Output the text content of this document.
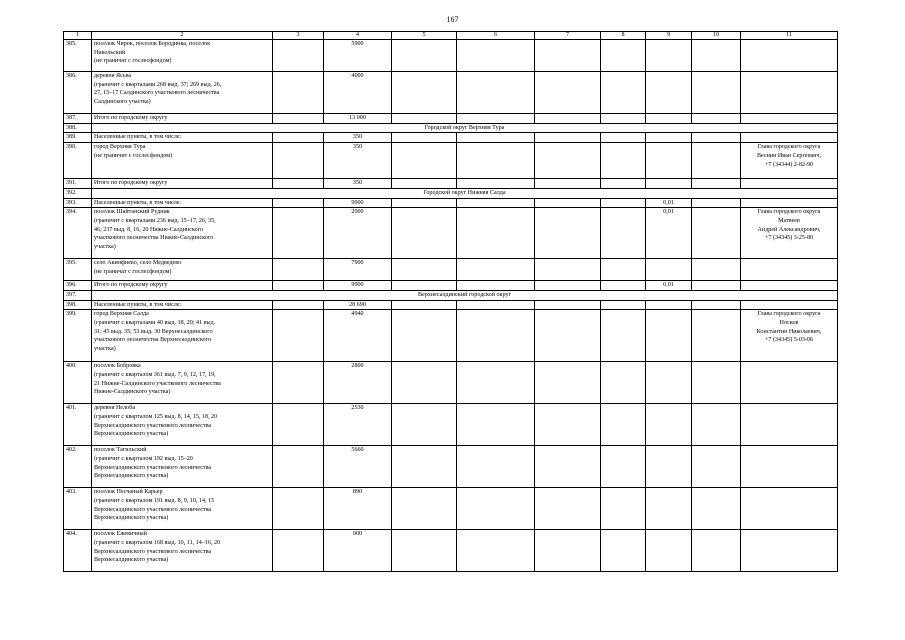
167
1	2	3	4	5	6	7	8	9	10	11
385.	поселок Чирок, поселок Бородинка, поселок
Никольский
(не граничат с гослесфондом)		5900							
386.	деревня Ясьва
(граничит с кварталами 268 выд. 37; 269 выд. 26,
27, 15–17 Салдинского участкового лесничества
Салдинского участка)		4000							
387.	Итого по городскому округу		13 000							
388.	Городской округ Верхняя Тура									
389.	Населенные пункты, в том числе:		350							
390.	город Верхняя Тура
(не граничит с гослесфондом)		350							Глава городского округа
Веснин Иван Сергеевич,
+7 (34344) 2-82-90
391.	Итого по городскому округу		350							
392.	Городской округ Нижняя Салда									
393.	Населенные пункты, в том числе:		9900					0,01		
394.	поселок Шайтанский Рудник
(граничит с кварталами 236 выд. 15–17, 26, 35,
46; 237 выд. 8, 16, 20 Нижне-Салдинского
участкового лесничества Нижне-Салдинского
участка)		2000					0,01		Глава городского округа
Матвеев
Андрей Александрович,
+7 (34345) 3-25-80
395.	село Акинфиево, село Медведево
(не граничат с гослесфондом)		7900							
396.	Итого по городскому округу		9900					0,01		
397.	Верхнесалдинский городской округ									
398.	Населенные пункты, в том числе:		28 690							
399.	город Верхняя Салда
(граничит с кварталами 40 выд. 18, 20; 41 выд.
31; 45 выд. 35; 53 выд. 30 Верхнесалдинского
участкового лесничества Верхнесалдинского
участка)		4940							Глава городского округа
Носков
Константин Николаевич,
+7 (34345) 5-03-06
400.	поселок Бобровка
(граничит с кварталом 361 выд. 7, 9, 12, 17, 19,
21 Нижне-Салдинского участкового лесничества
Нижне-Салдинского участка)		2800							
401.	деревня Нелоба
(граничит с кварталом 125 выд. 8, 14, 15, 18, 20
Верхнесалдинского участкового лесничества
Верхнесалдинского участка)		2530							
402.	поселок Тагильский
(граничит с кварталом 192 выд. 15–20
Верхнесалдинского участкового лесничества
Верхнесалдинского участка)		5660							
403.	поселок Песчаный Карьер
(граничит с кварталом 191 выд. 8, 9, 10, 14, 15
Верхнесалдинского участкового лесничества
Верхнесалдинского участка)		890							
404.	поселок Ежевичный
(граничит с кварталом 168 выд. 10, 11, 14–16, 20
Верхнесалдинского участкового лесничества
Верхнесалдинского участка)		900							
